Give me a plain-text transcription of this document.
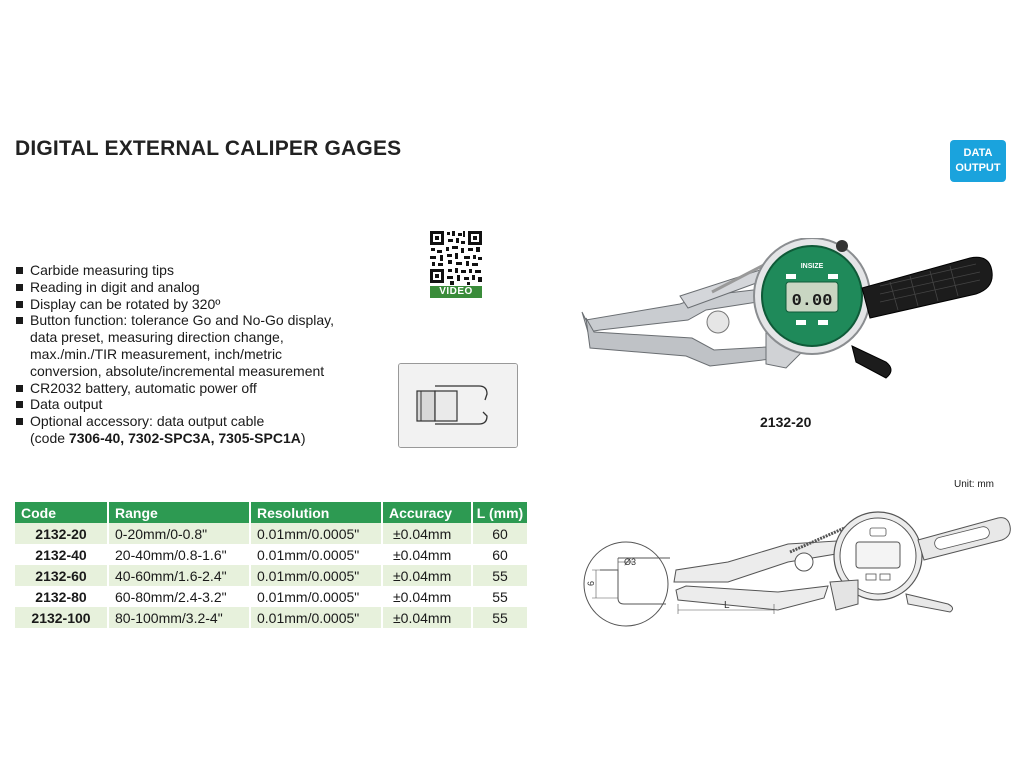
DIGITAL EXTERNAL CALIPER GAGES	DATA
OUTPUT
Carbide measuring tips
Reading in digit and analog
Display can be rotated by 320º
Button function: tolerance Go and No-Go display,
data preset, measuring direction change,
max./min./TIR measurement, inch/metric
conversion, absolute/incremental measurement
CR2032 battery, automatic power off
Data output
Optional accessory: data output cable
(code 7306-40, 7302-SPC3A, 7305-SPC1A)
VIDEO
0.00
INSIZE
2132-20
Unit: mm
Code	Range	Resolution	Accuracy	L (mm)
2132-20	0-20mm/0-0.8"	0.01mm/0.0005"	±0.04mm	60
2132-40	20-40mm/0.8-1.6"	0.01mm/0.0005"	±0.04mm	60
2132-60	40-60mm/1.6-2.4"	0.01mm/0.0005"	±0.04mm	55
2132-80	60-80mm/2.4-3.2"	0.01mm/0.0005"	±0.04mm	55
2132-100	80-100mm/3.2-4"	0.01mm/0.0005"	±0.04mm	55
6
Ø3
L
